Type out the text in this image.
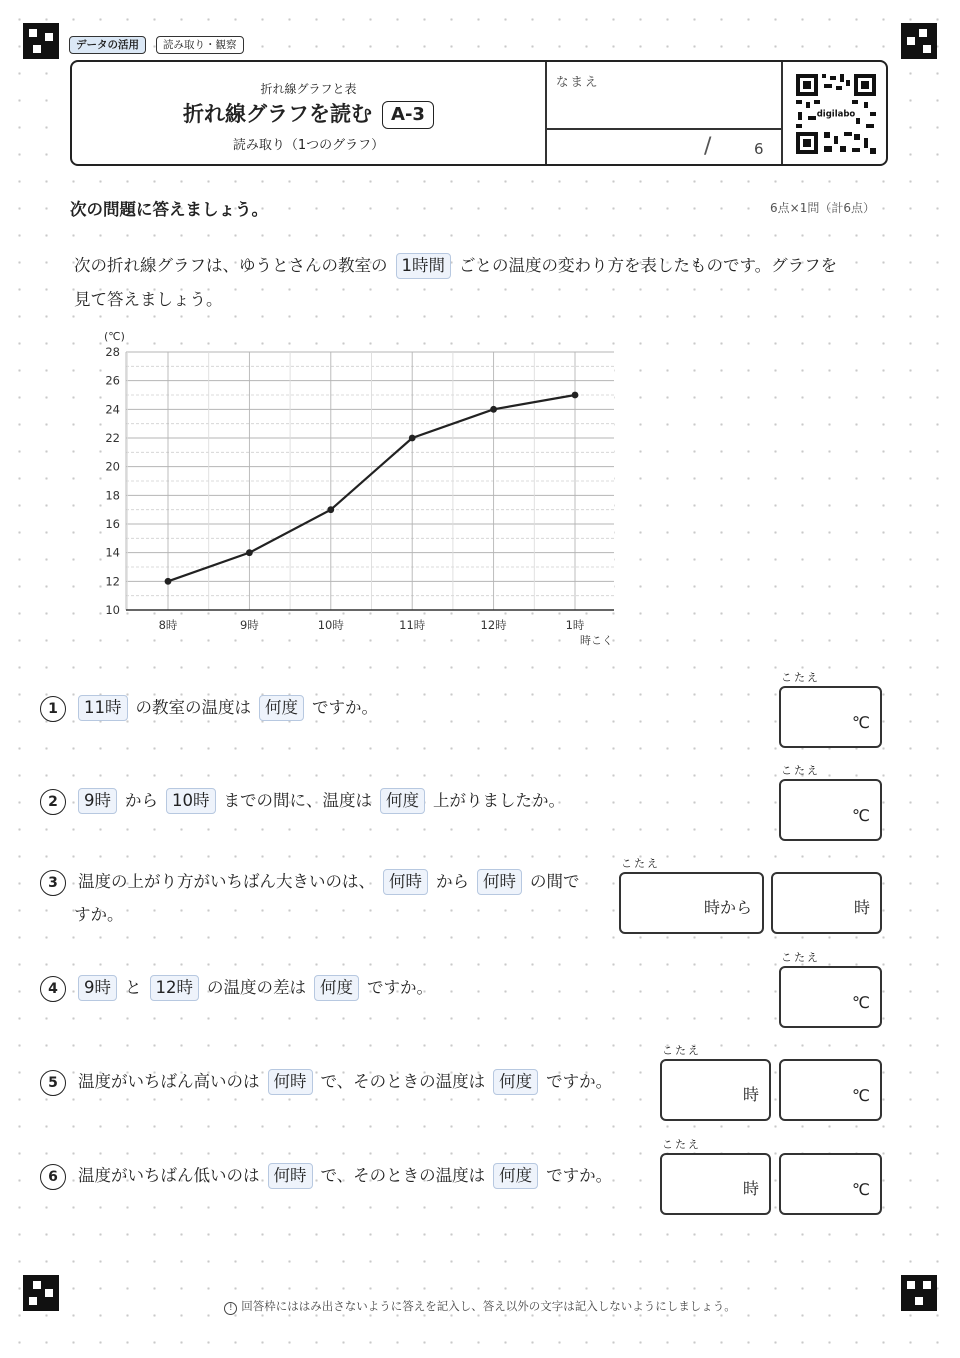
データの活用	読み取り・観察
折れ線グラフと表
折れ線グラフを読む A-3
読み取り（1つのグラフ）
なまえ
/	6
digilabo
次の問題に答えましょう。	6点×1問（計6点）
次の折れ線グラフは、ゆうとさんの教室の 1時間 ごとの温度の変わり方を表したものです。グラフを
見て答えましょう。
10
12
14
16
18
20
22
24
26
28
8時	9時	10時	11時	12時	1時
(℃)
時こく
1	11時 の教室の温度は 何度 ですか。
こたえ
℃
2	9時 から 10時 までの間に、温度は 何度 上がりましたか。
こたえ
℃
3	温度の上がり方がいちばん大きいのは、 何時 から 何時 の間で
すか。
こたえ
時から	時
4	9時 と 12時 の温度の差は 何度 ですか。
こたえ
℃
5	温度がいちばん高いのは 何時 で、そのときの温度は 何度 ですか。
こたえ
時	℃
6	温度がいちばん低いのは 何時 で、そのときの温度は 何度 ですか。
こたえ
時	℃
! 回答枠にははみ出さないように答えを記入し、答え以外の文字は記入しないようにしましょう。
